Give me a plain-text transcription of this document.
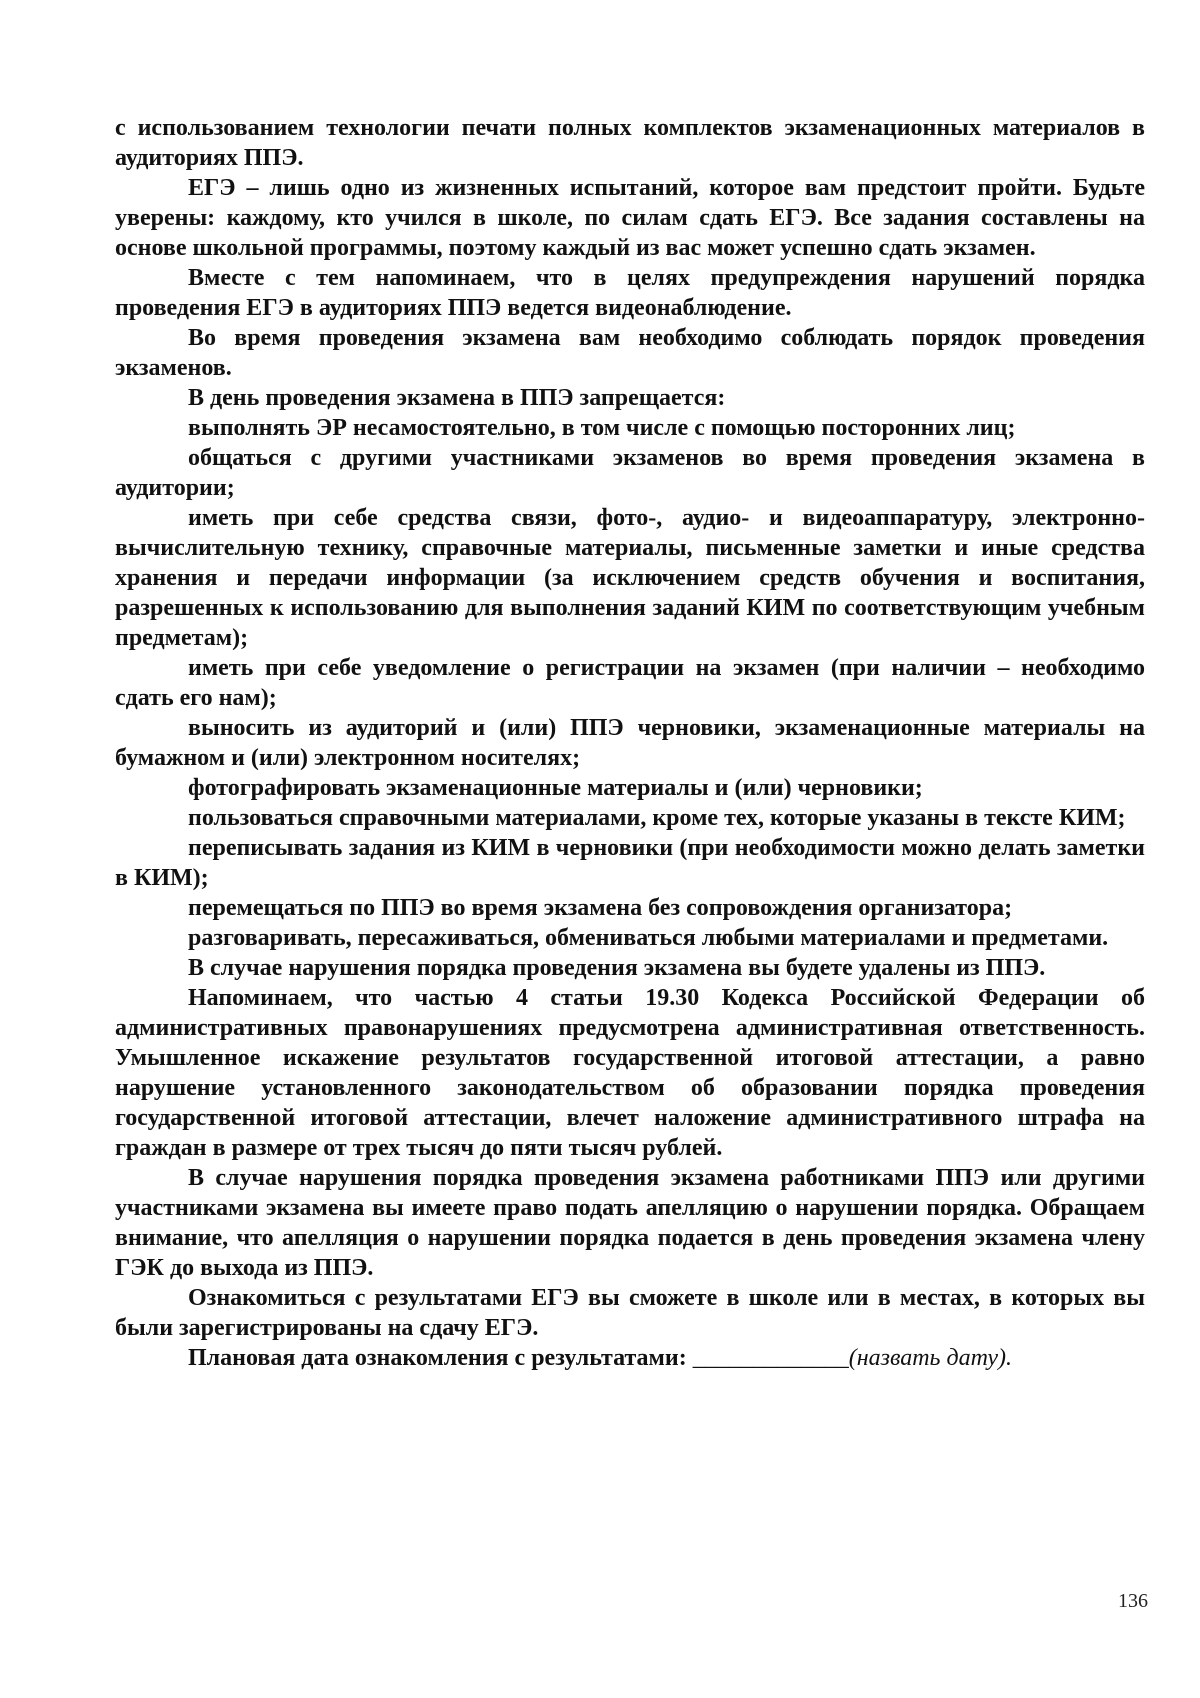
с использованием технологии печати полных комплектов экзаменационных материалов в аудиториях ППЭ.

ЕГЭ – лишь одно из жизненных испытаний, которое вам предстоит пройти. Будьте уверены: каждому, кто учился в школе, по силам сдать ЕГЭ. Все задания составлены на основе школьной программы, поэтому каждый из вас может успешно сдать экзамен.

Вместе с тем напоминаем, что в целях предупреждения нарушений порядка проведения ЕГЭ в аудиториях ППЭ ведется видеонаблюдение.

Во время проведения экзамена вам необходимо соблюдать порядок проведения экзаменов.

В день проведения экзамена в ППЭ запрещается:

выполнять ЭР несамостоятельно, в том числе с помощью посторонних лиц;

общаться с другими участниками экзаменов во время проведения экзамена в аудитории;

иметь при себе средства связи, фото-, аудио- и видеоаппаратуру, электронно-вычислительную технику, справочные материалы, письменные заметки и иные средства хранения и передачи информации (за исключением средств обучения и воспитания, разрешенных к использованию для выполнения заданий КИМ по соответствующим учебным предметам);

иметь при себе уведомление о регистрации на экзамен (при наличии – необходимо сдать его нам);

выносить из аудиторий и (или) ППЭ черновики, экзаменационные материалы на бумажном и (или) электронном носителях;

фотографировать экзаменационные материалы и (или) черновики;

пользоваться справочными материалами, кроме тех, которые указаны в тексте КИМ;

переписывать задания из КИМ в черновики (при необходимости можно делать заметки в КИМ);

перемещаться по ППЭ во время экзамена без сопровождения организатора;

разговаривать, пересаживаться, обмениваться любыми материалами и предметами.

В случае нарушения порядка проведения экзамена вы будете удалены из ППЭ.

Напоминаем, что частью 4 статьи 19.30 Кодекса Российской Федерации об административных правонарушениях предусмотрена административная ответственность. Умышленное искажение результатов государственной итоговой аттестации, а равно нарушение установленного законодательством об образовании порядка проведения государственной итоговой аттестации, влечет наложение административного штрафа на граждан в размере от трех тысяч до пяти тысяч рублей.

В случае нарушения порядка проведения экзамена работниками ППЭ или другими участниками экзамена вы имеете право подать апелляцию о нарушении порядка. Обращаем внимание, что апелляция о нарушении порядка подается в день проведения экзамена члену ГЭК до выхода из ППЭ.

Ознакомиться с результатами ЕГЭ вы сможете в школе или в местах, в которых вы были зарегистрированы на сдачу ЕГЭ.

Плановая дата ознакомления с результатами: _____________(назвать дату).

136
